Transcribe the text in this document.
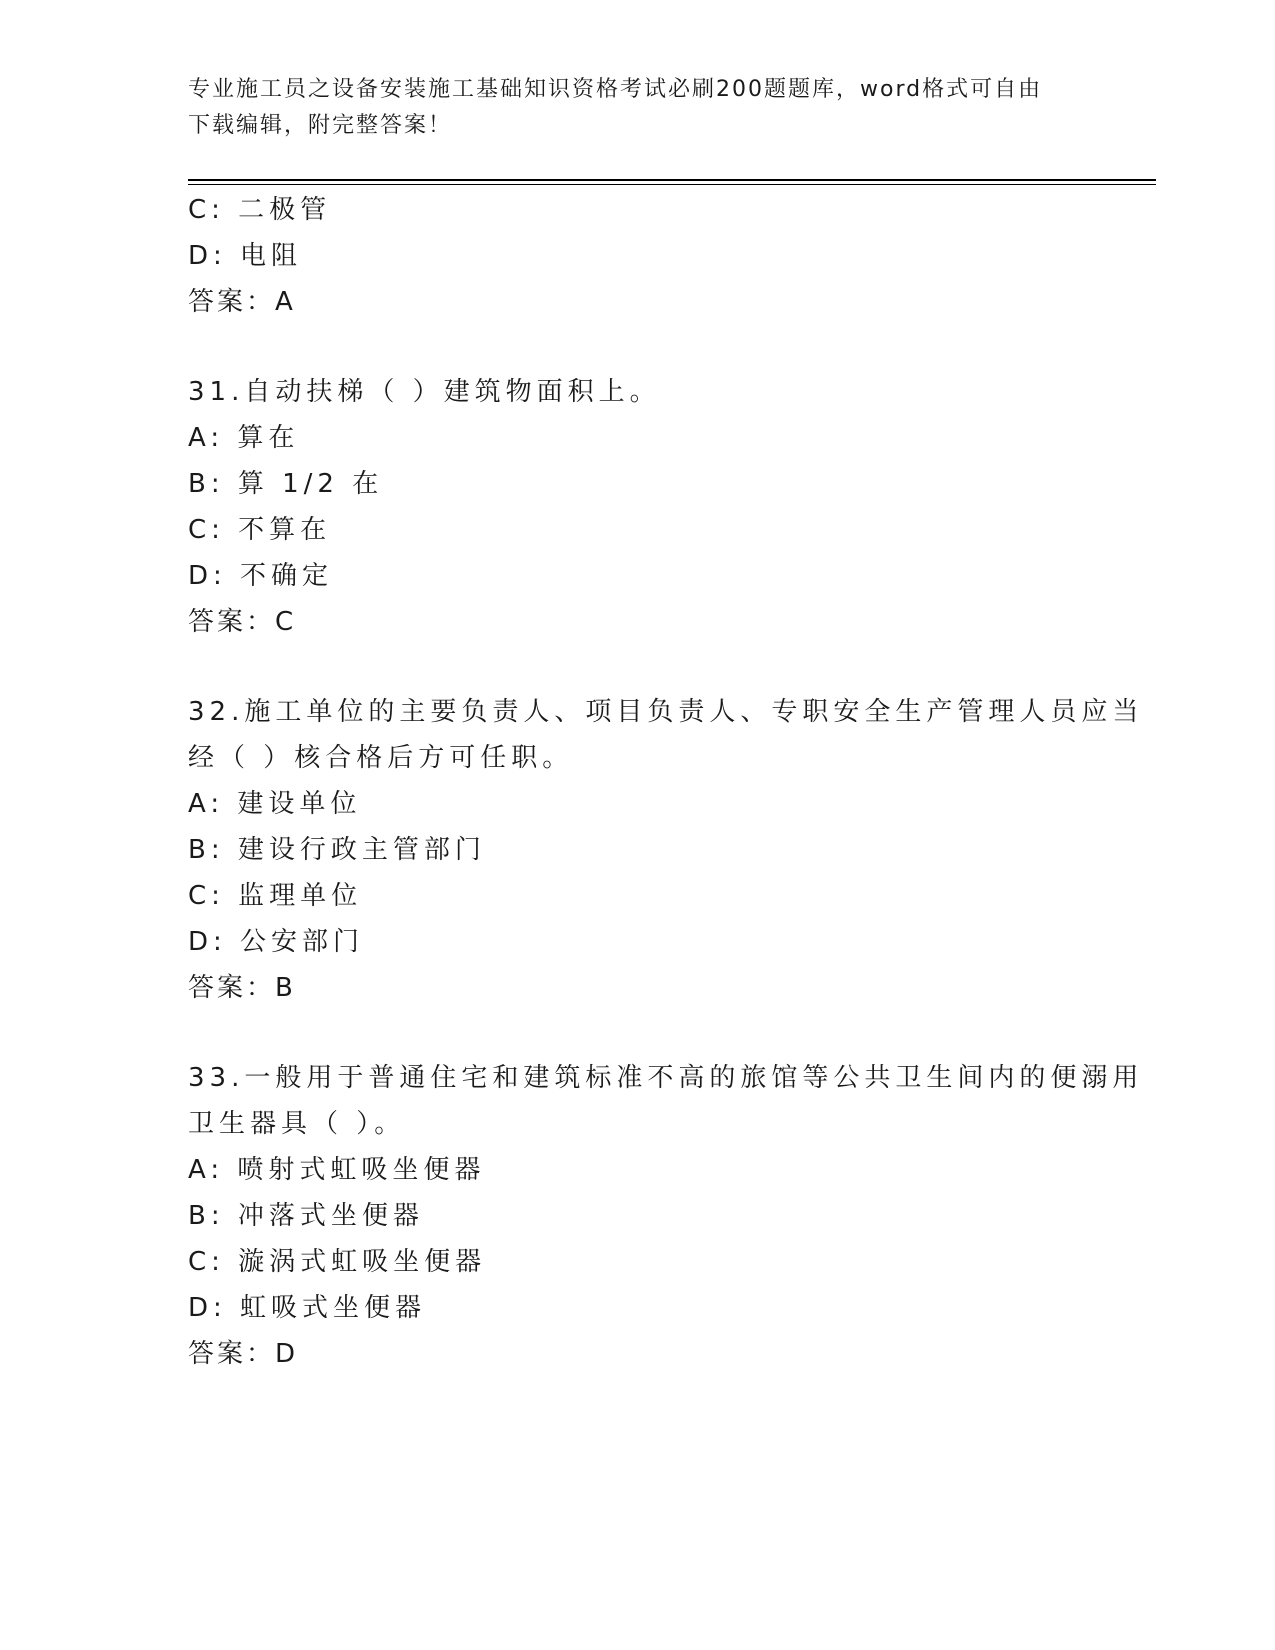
专业施工员之设备安装施工基础知识资格考试必刷200题题库，word格式可自由
下载编辑，附完整答案！
C: 二极管
D: 电阻
答案：A
31.自动扶梯（ ）建筑物面积上。
A: 算在
B: 算 1/2 在
C: 不算在
D: 不确定
答案：C
32.施工单位的主要负责人、项目负责人、专职安全生产管理人员应当
经（ ）核合格后方可任职。
A: 建设单位
B: 建设行政主管部门
C: 监理单位
D: 公安部门
答案：B
33.一般用于普通住宅和建筑标准不高的旅馆等公共卫生间内的便溺用
卫生器具（ ）。
A: 喷射式虹吸坐便器
B: 冲落式坐便器
C: 漩涡式虹吸坐便器
D: 虹吸式坐便器
答案：D
